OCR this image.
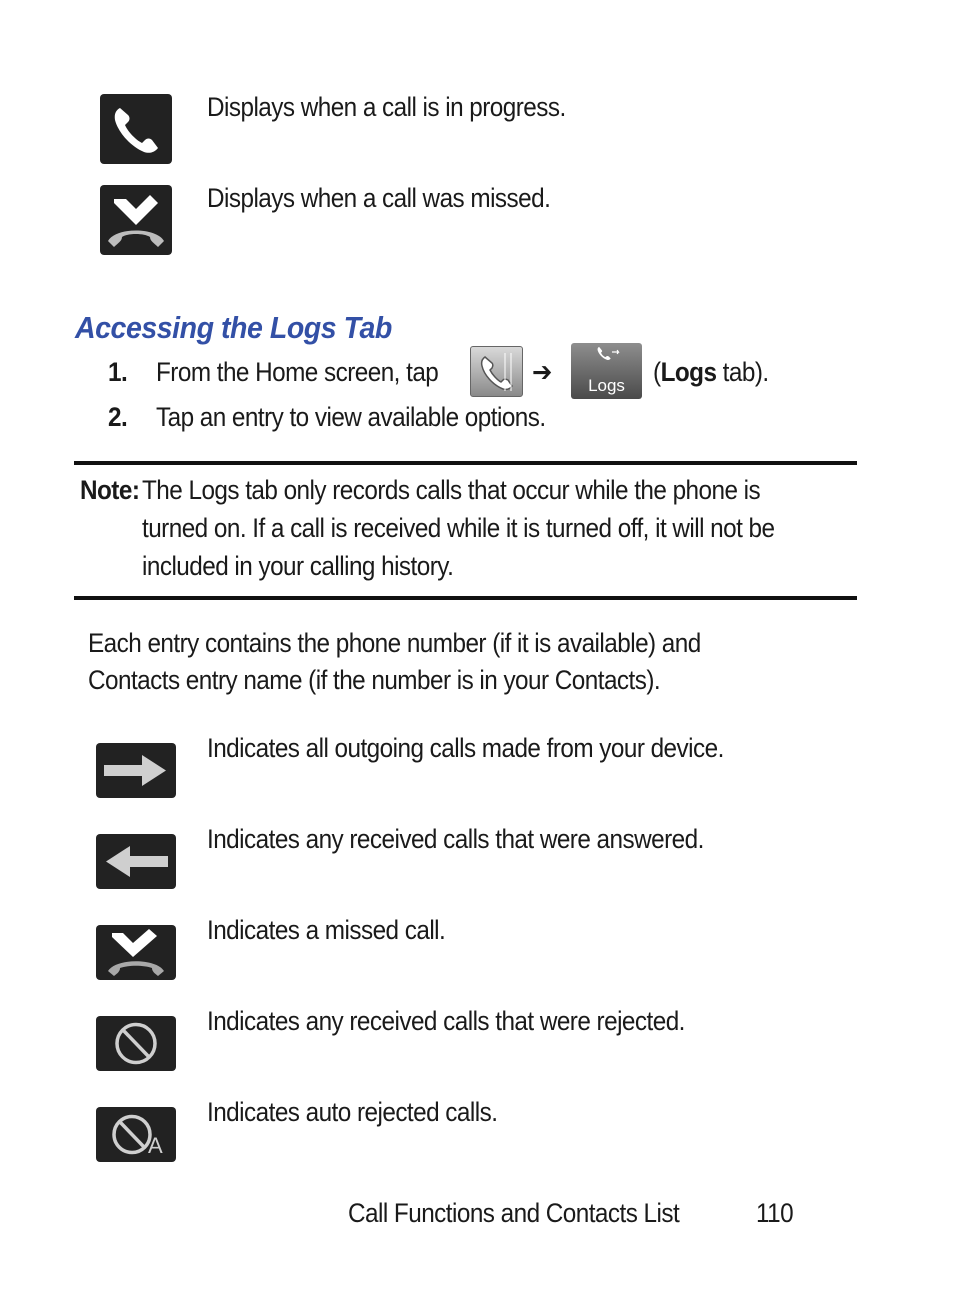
Displays when a call is in progress.
Displays when a call was missed.
Accessing the Logs Tab
1. From the Home screen, tap	➔	Logs	(Logs tab).
2. Tap an entry to view available options.
Note: The Logs tab only records calls that occur while the phone is
turned on. If a call is received while it is turned off, it will not be
included in your calling history.
Each entry contains the phone number (if it is available) and
Contacts entry name (if the number is in your Contacts).
Indicates all outgoing calls made from your device.
Indicates any received calls that were answered.
Indicates a missed call.
Indicates any received calls that were rejected.
A
Indicates auto rejected calls.
Call Functions and Contacts List	110
